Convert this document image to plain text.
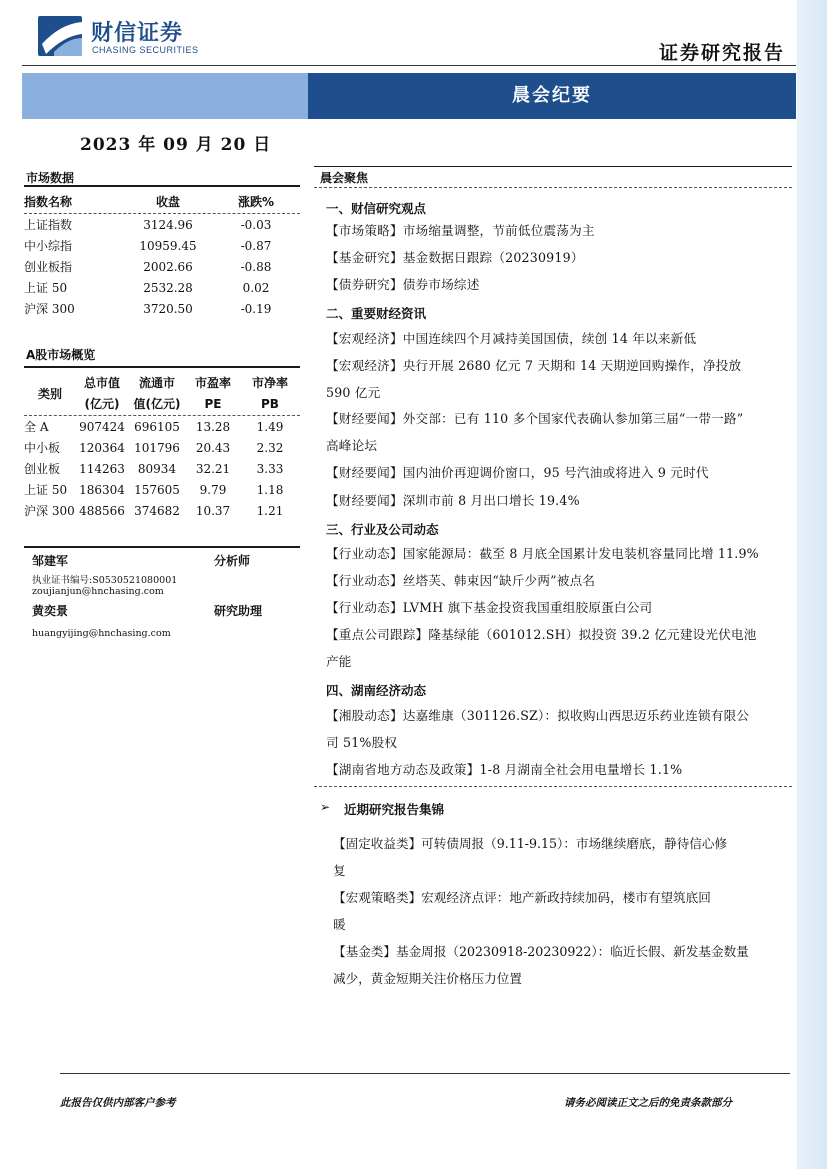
财信证券
CHASING SECURITIES	证券研究报告
晨会纪要
2023 年 09 月 20 日
市场数据
指数名称	收盘	涨跌%

上证指数	3124.96	-0.03
中小综指	10959.45	-0.87
创业板指	2002.66	-0.88
上证 50	2532.28	0.02
沪深 300	3720.50	-0.19
A股市场概览
类别	总市值	流通市	市盈率	市净率
	(亿元)	值(亿元)	PE	PB

全 A	907424	696105	13.28	1.49
中小板	120364	101796	20.43	2.32
创业板	114263	80934	32.21	3.33
上证 50	186304	157605	9.79	1.18
沪深 300	488566	374682	10.37	1.21
邹建军	分析师
执业证书编号:S0530521080001
zoujianjun@hnchasing.com
黄奕景	研究助理
huangyijing@hnchasing.com
晨会聚焦
一、财信研究观点
【市场策略】市场缩量调整，节前低位震荡为主
【基金研究】基金数据日跟踪（20230919）
【债券研究】债券市场综述
二、重要财经资讯
【宏观经济】中国连续四个月减持美国国债，续创 14 年以来新低
【宏观经济】央行开展 2680 亿元 7 天期和 14 天期逆回购操作，净投放
590 亿元
【财经要闻】外交部：已有 110 多个国家代表确认参加第三届“一带一路”
高峰论坛
【财经要闻】国内油价再迎调价窗口，95 号汽油或将进入 9 元时代
【财经要闻】深圳市前 8 月出口增长 19.4%
三、行业及公司动态
【行业动态】国家能源局：截至 8 月底全国累计发电装机容量同比增 11.9%
【行业动态】丝塔芙、韩束因“缺斤少两”被点名
【行业动态】LVMH 旗下基金投资我国重组胶原蛋白公司
【重点公司跟踪】隆基绿能（601012.SH）拟投资 39.2 亿元建设光伏电池
产能
四、湖南经济动态
【湘股动态】达嘉维康（301126.SZ）：拟收购山西思迈乐药业连锁有限公
司 51%股权
【湖南省地方动态及政策】1-8 月湖南全社会用电量增长 1.1%
➢ 近期研究报告集锦
【固定收益类】可转债周报（9.11-9.15）：市场继续磨底，静待信心修
复
【宏观策略类】宏观经济点评：地产新政持续加码，楼市有望筑底回
暖
【基金类】基金周报（20230918-20230922）：临近长假、新发基金数量
减少，黄金短期关注价格压力位置
此报告仅供内部客户参考	请务必阅读正文之后的免责条款部分
